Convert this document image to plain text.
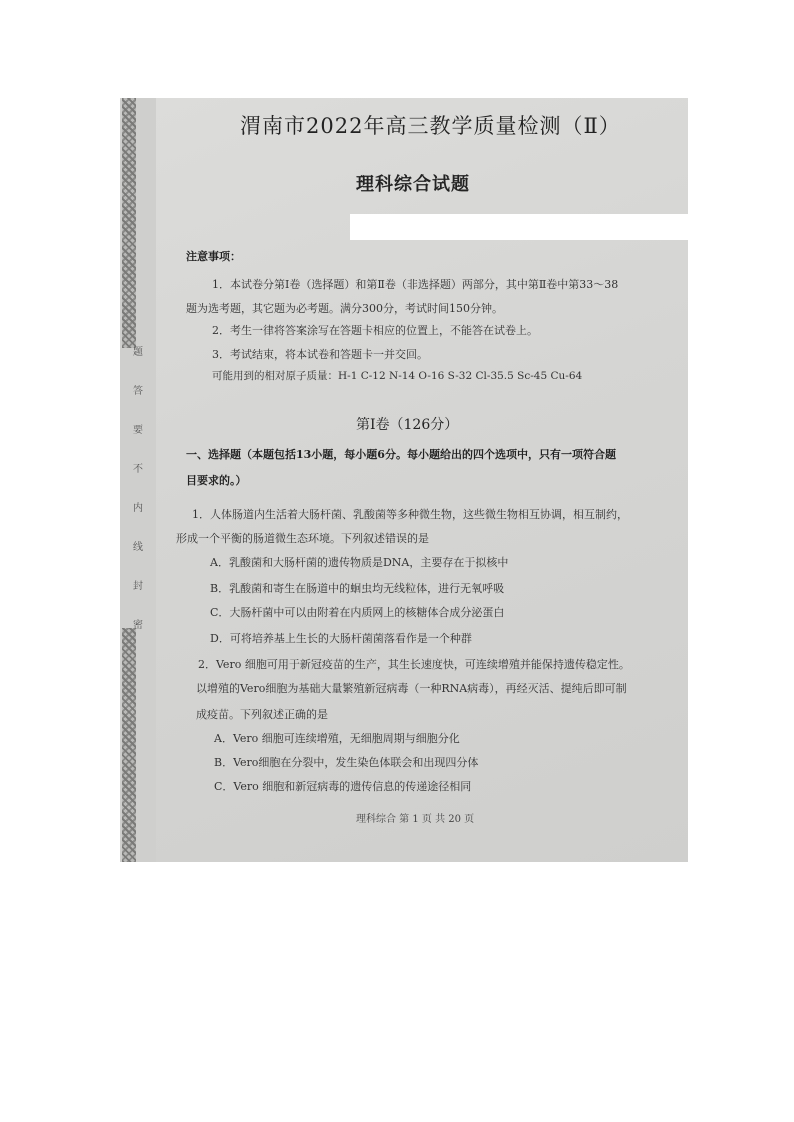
题
答
要
不
内
线
封
密
渭南市2022年高三教学质量检测（Ⅱ）
理科综合试题
注意事项：
1．本试卷分第Ⅰ卷（选择题）和第Ⅱ卷（非选择题）两部分，其中第Ⅱ卷中第33～38
题为选考题，其它题为必考题。满分300分，考试时间150分钟。
2．考生一律将答案涂写在答题卡相应的位置上，不能答在试卷上。
3．考试结束，将本试卷和答题卡一并交回。
可能用到的相对原子质量：H-1 C-12 N-14 O-16 S-32 Cl-35.5 Sc-45 Cu-64
第Ⅰ卷（126分）
一、选择题（本题包括13小题，每小题6分。每小题给出的四个选项中，只有一项符合题
目要求的。）
1．人体肠道内生活着大肠杆菌、乳酸菌等多种微生物，这些微生物相互协调，相互制约，
形成一个平衡的肠道微生态环境。下列叙述错误的是
A．乳酸菌和大肠杆菌的遗传物质是DNA，主要存在于拟核中
B．乳酸菌和寄生在肠道中的蛔虫均无线粒体，进行无氧呼吸
C．大肠杆菌中可以由附着在内质网上的核糖体合成分泌蛋白
D．可将培养基上生长的大肠杆菌菌落看作是一个种群
2．Vero 细胞可用于新冠疫苗的生产，其生长速度快，可连续增殖并能保持遗传稳定性。
以增殖的Vero细胞为基础大量繁殖新冠病毒（一种RNA病毒），再经灭活、提纯后即可制
成疫苗。下列叙述正确的是
A．Vero 细胞可连续增殖，无细胞周期与细胞分化
B．Vero细胞在分裂中，发生染色体联会和出现四分体
C．Vero 细胞和新冠病毒的遗传信息的传递途径相同
理科综合 第 1 页 共 20 页
